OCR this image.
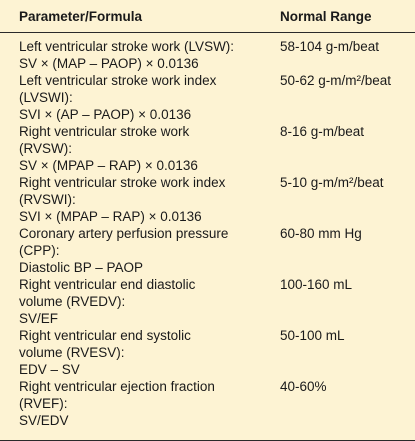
Parameter/Formula	Normal Range
Left ventricular stroke work (LVSW):
SV × (MAP – PAOP) × 0.0136
58-104 g-m/beat
Left ventricular stroke work index
(LVSWI):
SVI × (AP – PAOP) × 0.0136
50-62 g-m/m²/beat
Right ventricular stroke work
(RVSW):
SV × (MPAP – RAP) × 0.0136
8-16 g-m/beat
Right ventricular stroke work index
(RVSWI):
SVI × (MPAP – RAP) × 0.0136
5-10 g-m/m²/beat
Coronary artery perfusion pressure
(CPP):
Diastolic BP – PAOP
60-80 mm Hg
Right ventricular end diastolic
volume (RVEDV):
SV/EF
100-160 mL
Right ventricular end systolic
volume (RVESV):
EDV – SV
50-100 mL
Right ventricular ejection fraction
(RVEF):
SV/EDV
40-60%
